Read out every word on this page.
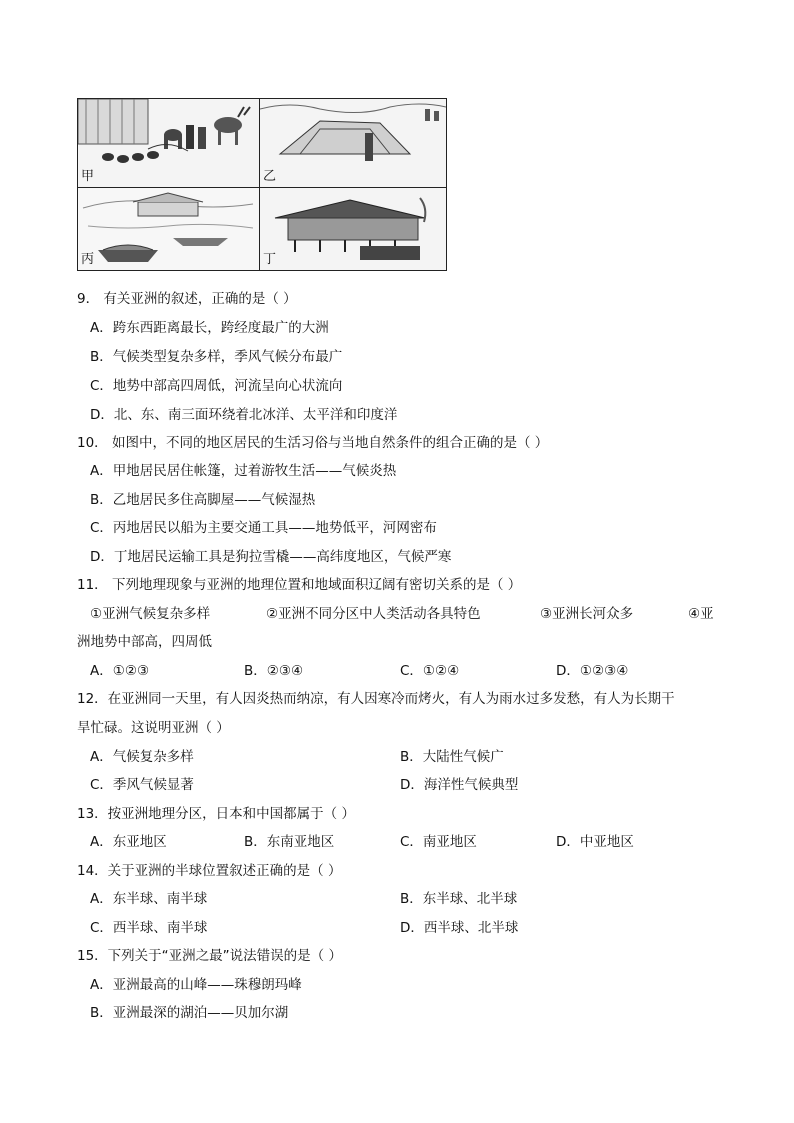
甲	乙
丙	丁
9． 有关亚洲的叙述，正确的是（ ）
A．跨东西距离最长，跨经度最广的大洲
B．气候类型复杂多样，季风气候分布最广
C．地势中部高四周低，河流呈向心状流向
D．北、东、南三面环绕着北冰洋、太平洋和印度洋
10． 如图中，不同的地区居民的生活习俗与当地自然条件的组合正确的是（ ）
A．甲地居民居住帐篷，过着游牧生活——气候炎热
B．乙地居民多住高脚屋——气候湿热
C．丙地居民以船为主要交通工具——地势低平，河网密布
D．丁地居民运输工具是狗拉雪橇——高纬度地区，气候严寒
11． 下列地理现象与亚洲的地理位置和地域面积辽阔有密切关系的是（ ）
①亚洲气候复杂多样	②亚洲不同分区中人类活动各具特色	③亚洲长河众多	④亚
洲地势中部高，四周低
A．①②③	B．②③④	C．①②④	D．①②③④
12．在亚洲同一天里，有人因炎热而纳凉，有人因寒冷而烤火，有人为雨水过多发愁，有人为长期干
旱忙碌。这说明亚洲（ ）
A．气候复杂多样	B．大陆性气候广
C．季风气候显著	D．海洋性气候典型
13．按亚洲地理分区，日本和中国都属于（ ）
A．东亚地区	B．东南亚地区	C．南亚地区	D．中亚地区
14．关于亚洲的半球位置叙述正确的是（ ）
A．东半球、南半球	B．东半球、北半球
C．西半球、南半球	D．西半球、北半球
15．下列关于“亚洲之最”说法错误的是（ ）
A．亚洲最高的山峰——珠穆朗玛峰
B．亚洲最深的湖泊——贝加尔湖
